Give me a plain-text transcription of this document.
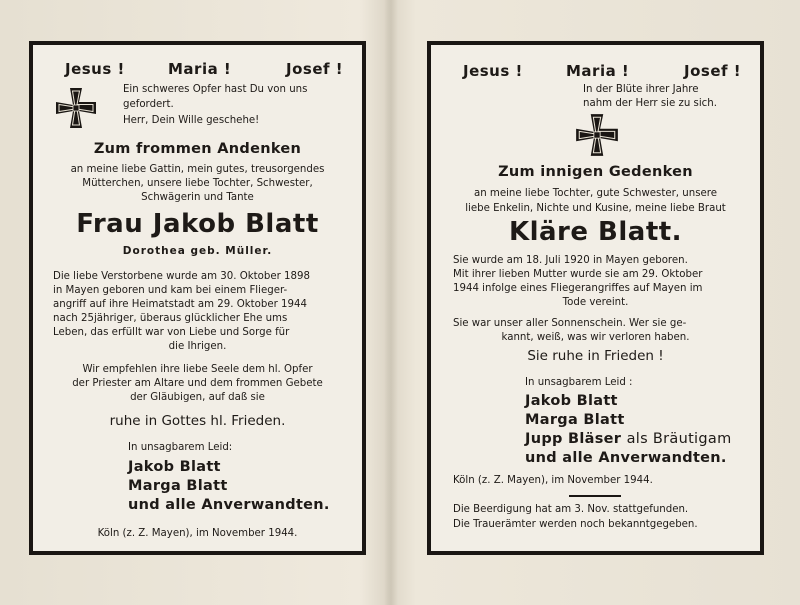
Jesus !	Maria !	Josef !
Ein schweres Opfer hast Du von uns
gefordert.
Herr, Dein Wille geschehe!
Zum frommen Andenken
an meine liebe Gattin, mein gutes, treusorgendes
Mütterchen, unsere liebe Tochter, Schwester,
Schwägerin und Tante
Frau Jakob Blatt
Dorothea geb. Müller.
Die liebe Verstorbene wurde am 30. Oktober 1898
in Mayen geboren und kam bei einem Flieger-
angriff auf ihre Heimatstadt am 29. Oktober 1944
nach 25jähriger, überaus glücklicher Ehe ums
Leben, das erfüllt war von Liebe und Sorge für
die Ihrigen.
Wir empfehlen ihre liebe Seele dem hl. Opfer
der Priester am Altare und dem frommen Gebete
der Gläubigen, auf daß sie
ruhe in Gottes hl. Frieden.
In unsagbarem Leid:
Jakob Blatt
Marga Blatt
und alle Anverwandten.
Köln (z. Z. Mayen), im November 1944.
Jesus !	Maria !	Josef !
In der Blüte ihrer Jahre
nahm der Herr sie zu sich.
Zum innigen Gedenken
an meine liebe Tochter, gute Schwester, unsere
liebe Enkelin, Nichte und Kusine, meine liebe Braut
Kläre Blatt.
Sie wurde am 18. Juli 1920 in Mayen geboren.
Mit ihrer lieben Mutter wurde sie am 29. Oktober
1944 infolge eines Fliegerangriffes auf Mayen im
Tode vereint.
Sie war unser aller Sonnenschein. Wer sie ge-
kannt, weiß, was wir verloren haben.
Sie ruhe in Frieden !
In unsagbarem Leid :
Jakob Blatt
Marga Blatt
Jupp Bläser als Bräutigam
und alle Anverwandten.
Köln (z. Z. Mayen), im November 1944.
Die Beerdigung hat am 3. Nov. stattgefunden.
Die Trauerämter werden noch bekanntgegeben.
